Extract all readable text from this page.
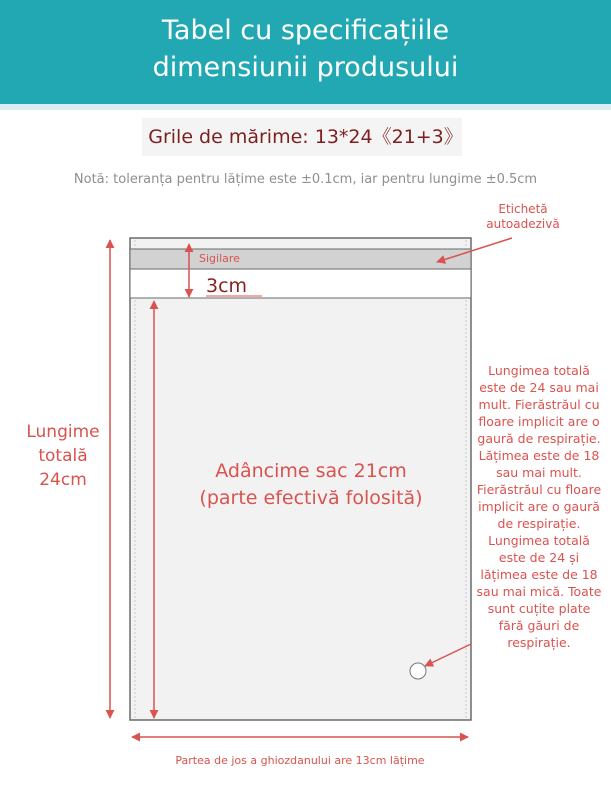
Tabel cu specificațiile
dimensiunii produsului
Grile de mărime: 13*24《21+3》
Notă: toleranța pentru lățime este ±0.1cm, iar pentru lungime ±0.5cm
Etichetă autoadezivă
Sigilare
3cm
Lungime totală 24cm	Adâncime sac 21cm
(parte efectivă folosită)
Lungimea totală este de 24 sau mai mult. Fierăstrăul cu floare implicit are o gaură de respirație. Lățimea este de 18 sau mai mult. Fierăstrăul cu floare implicit are o gaură de respirație. Lungimea totală este de 24 și lățimea este de 18 sau mai mică. Toate sunt cuțite plate fără găuri de respirație.
Partea de jos a ghiozdanului are 13cm lățime
